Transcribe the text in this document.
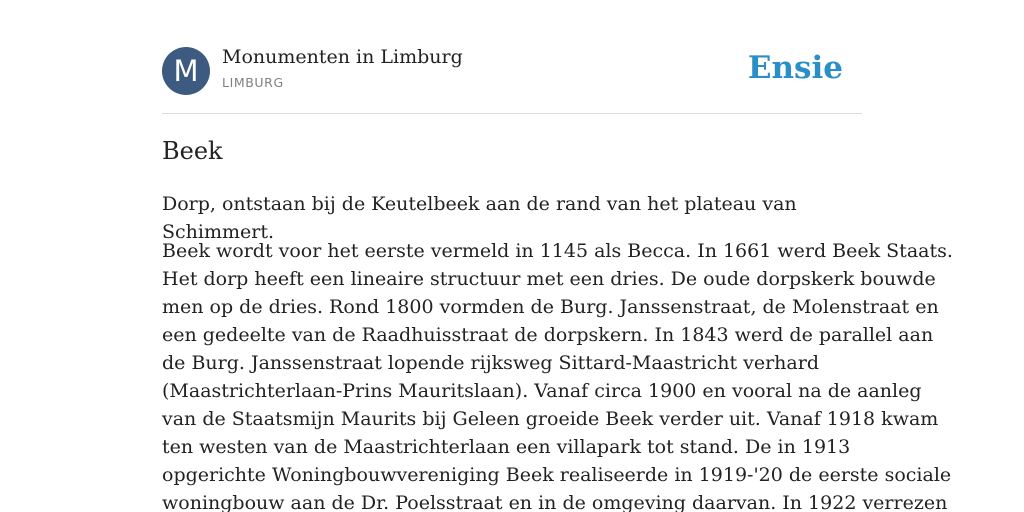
M	Monumenten in Limburg
LIMBURG	Ensie
Beek

Dorp, ontstaan bij de Keutelbeek aan de rand van het plateau van Schimmert.

Beek wordt voor het eerste vermeld in 1145 als Becca. In 1661 werd Beek Staats.
Het dorp heeft een lineaire structuur met een dries. De oude dorpskerk bouwde
men op de dries. Rond 1800 vormden de Burg. Janssenstraat, de Molenstraat en
een gedeelte van de Raadhuisstraat de dorpskern. In 1843 werd de parallel aan
de Burg. Janssenstraat lopende rijksweg Sittard-Maastricht verhard
(Maastrichterlaan-Prins Mauritslaan). Vanaf circa 1900 en vooral na de aanleg
van de Staatsmijn Maurits bij Geleen groeide Beek verder uit. Vanaf 1918 kwam
ten westen van de Maastrichterlaan een villapark tot stand. De in 1913
opgerichte Woningbouwvereniging Beek realiseerde in 1919-'20 de eerste sociale
woningbouw aan de Dr. Poelsstraat en in de omgeving daarvan. In 1922 verrezen
